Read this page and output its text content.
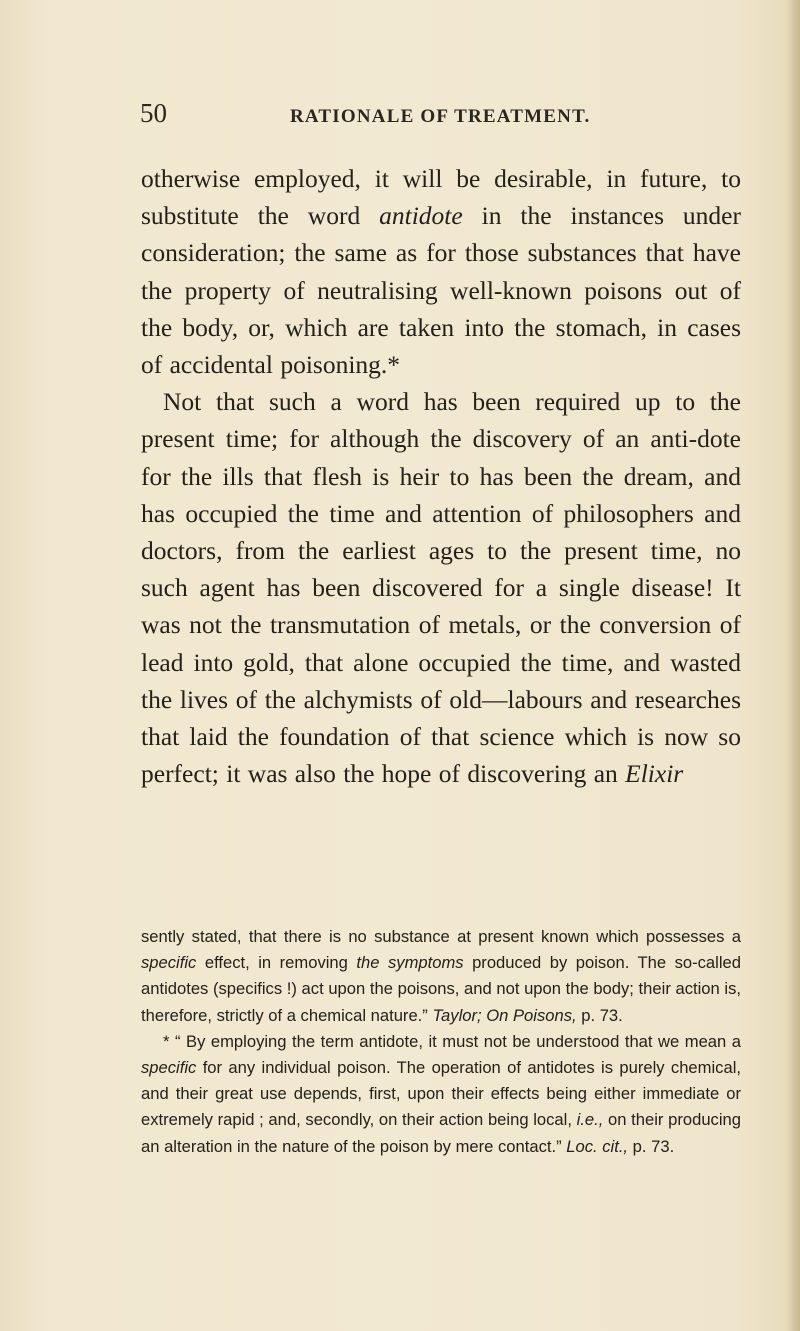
50	RATIONALE OF TREATMENT.

otherwise employed, it will be desirable, in future, to substitute the word antidote in the instances under consideration; the same as for those substances that have the property of neutralising well-known poisons out of the body, or, which are taken into the stomach, in cases of accidental poisoning.*

Not that such a word has been required up to the present time; for although the discovery of an anti-dote for the ills that flesh is heir to has been the dream, and has occupied the time and attention of philosophers and doctors, from the earliest ages to the present time, no such agent has been discovered for a single disease! It was not the transmutation of metals, or the conversion of lead into gold, that alone occupied the time, and wasted the lives of the alchymists of old—labours and researches that laid the foundation of that science which is now so perfect; it was also the hope of discovering an Elixir

sently stated, that there is no substance at present known which possesses a specific effect, in removing the symptoms produced by poison. The so-called antidotes (specifics !) act upon the poisons, and not upon the body; their action is, therefore, strictly of a chemical nature.” Taylor; On Poisons, p. 73.

* “ By employing the term antidote, it must not be understood that we mean a specific for any individual poison. The operation of antidotes is purely chemical, and their great use depends, first, upon their effects being either immediate or extremely rapid ; and, secondly, on their action being local, i.e., on their producing an alteration in the nature of the poison by mere contact.” Loc. cit., p. 73.
